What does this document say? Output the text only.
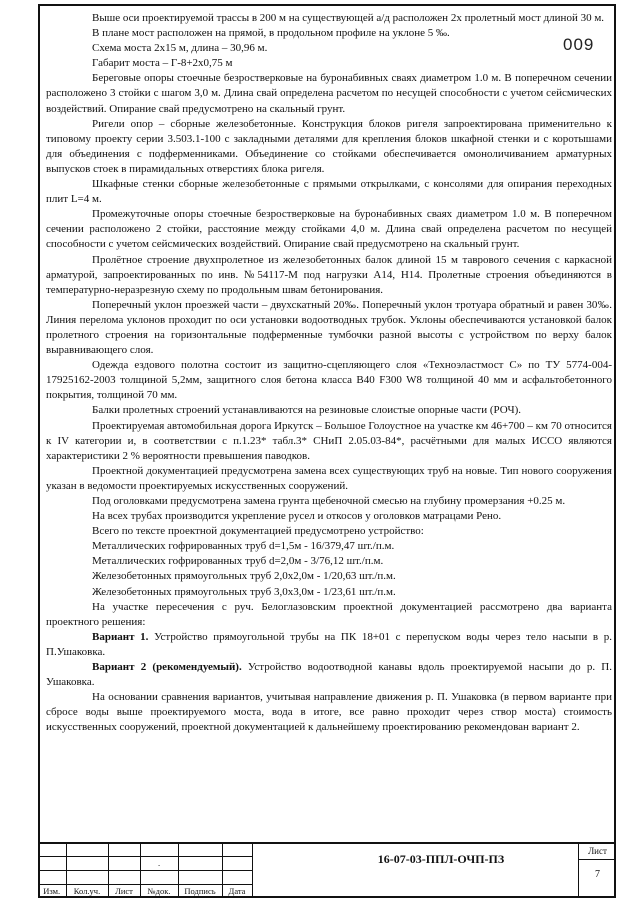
009

Выше оси проектируемой трассы в 200 м на существующей а/д расположен 2х пролетный мост длиной 30 м.

В плане мост расположен на прямой, в продольном профиле на уклоне 5 ‰.

Схема моста 2х15 м, длина – 30,96 м.

Габарит моста – Г-8+2х0,75 м

Береговые опоры стоечные безростверковые на буронабивных сваях диаметром 1.0 м. В поперечном сечении расположено 3 стойки с шагом 3,0 м. Длина свай определена расчетом по несущей способности с учетом сейсмических воздействий. Опирание свай предусмотрено на скальный грунт.

Ригели опор – сборные железобетонные. Конструкция блоков ригеля запроектирована применительно к типовому проекту серии 3.503.1-100 с закладными деталями для крепления блоков шкафной стенки и с коротышами для объединения с подферменниками. Объединение со стойками обеспечивается омоноличиванием арматурных выпусков стоек в пирамидальных отверстиях блока ригеля.

Шкафные стенки сборные железобетонные с прямыми открылками, с консолями для опирания переходных плит L=4 м.

Промежуточные опоры стоечные безростверковые на буронабивных сваях диаметром 1.0 м. В поперечном сечении расположено 2 стойки, расстояние между стойками 4,0 м. Длина свай определена расчетом по несущей способности с учетом сейсмических воздействий. Опирание свай предусмотрено на скальный грунт.

Пролётное строение двухпролетное из железобетонных балок длиной 15 м таврового сечения с каркасной арматурой, запроектированных по инв. №54117-М под нагрузки А14, Н14. Пролетные строения объединяются в температурно-неразрезную схему по продольным швам бетонирования.

Поперечный уклон проезжей части – двухскатный 20‰. Поперечный уклон тротуара обратный и равен 30‰. Линия перелома уклонов проходит по оси установки водоотводных трубок. Уклоны обеспечиваются установкой балок пролетного строения на горизонтальные подферменные тумбочки разной высоты с устройством по верху балок выравнивающего слоя.

Одежда ездового полотна состоит из защитно-сцепляющего слоя «Техноэластмост С» по ТУ 5774-004-17925162-2003 толщиной 5,2мм, защитного слоя бетона класса В40 F300 W8 толщиной 40 мм и асфальтобетонного покрытия, толщиной 70 мм.

Балки пролетных строений устанавливаются на резиновые слоистые опорные части (РОЧ).

Проектируемая автомобильная дорога Иркутск – Большое Голоустное на участке км 46+700 – км 70 относится к IV категории и, в соответствии с п.1.23* табл.3* СНиП 2.05.03-84*, расчётными для малых ИССО являются характеристики 2 % вероятности превышения паводков.

Проектной документацией предусмотрена замена всех существующих труб на новые. Тип нового сооружения указан в ведомости проектируемых искусственных сооружений.

Под оголовками предусмотрена замена грунта щебеночной смесью на глубину промерзания +0.25 м.

На всех трубах производится укрепление русел и откосов у оголовков матрацами Рено.

Всего по тексте проектной документацией предусмотрено устройство:

Металлических гофрированных труб d=1,5м - 16/379,47 шт./п.м.

Металлических гофрированных труб d=2,0м - 3/76,12 шт./п.м.

Железобетонных прямоугольных труб 2,0х2,0м - 1/20,63 шт./п.м.

Железобетонных прямоугольных труб 3,0х3,0м - 1/23,61 шт./п.м.

На участке пересечения с руч. Белоглазовским проектной документацией рассмотрено два варианта проектного решения:

Вариант 1. Устройство прямоугольной трубы на ПК 18+01 с перепуском воды через тело насыпи в р. П.Ушаковка.

Вариант 2 (рекомендуемый). Устройство водоотводной канавы вдоль проектируемой насыпи до р. П. Ушаковка.

На основании сравнения вариантов, учитывая направление движения р. П. Ушаковка (в первом варианте при сбросе воды выше проектируемого моста, вода в итоге, все равно проходит через створ моста) стоимость искусственных сооружений, проектной документацией к дальнейшему проектированию рекомендован вариант 2.

			.		

Изм.	Кол.уч.	Лист	№док.	Подпись	Дата
16-07-03-ППЛ-ОЧП-ПЗ
Лист
7
